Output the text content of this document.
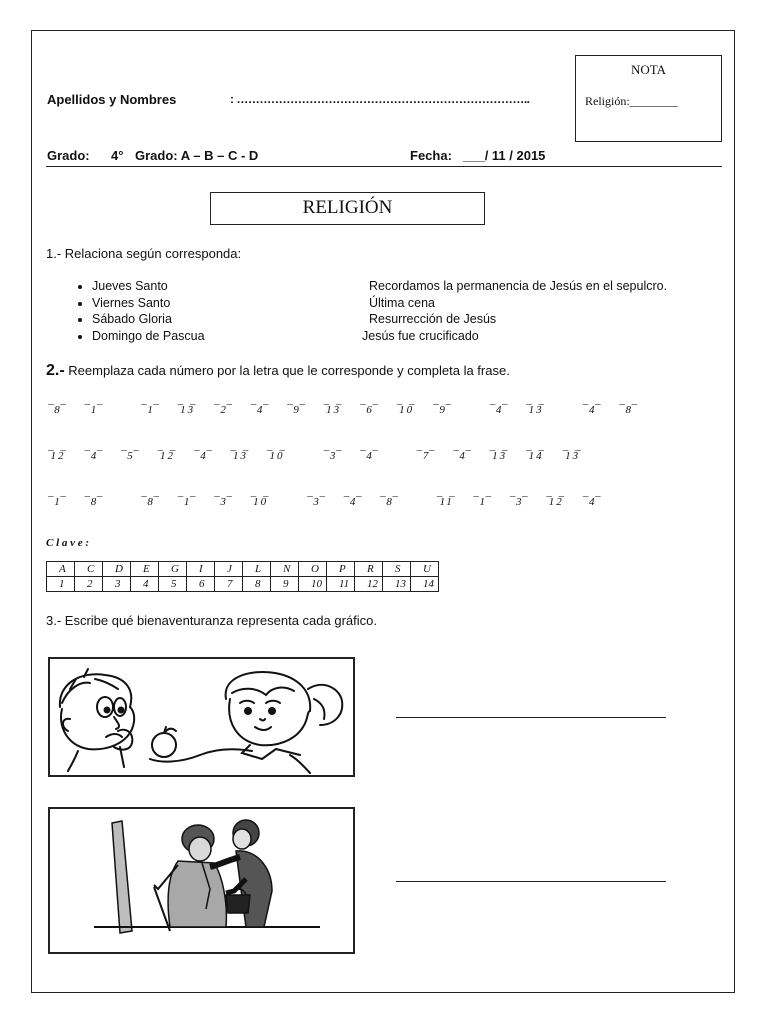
Apellidos y Nombres	: …………………………………………………………………..
NOTA
Religión:________
Grado: 4° Grado: A – B – C - D	Fecha: ___/ 11 / 2015
RELIGIÓN
1.- Relaciona según corresponda:
• Jueves Santo
• Viernes Santo
• Sábado Gloria
• Domingo de Pascua
Recordamos la permanencia de Jesús en el sepulcro.
Última cena
Resurrección de Jesús
Jesús fue crucificado
2.- Reemplaza cada número por la letra que le corresponde y completa la frase.
_ _
8
_ _
1
_ _
1
_ _
13
_ _
2
_ _
4
_ _
9
_ _
13
_ _
6
_ _
10
_ _
9
_ _
4
_ _
13
_ _
4
_ _
8
_ _
12
_ _
4
_ _
5
_ _
12
_ _
4
_ _
13
_ _
10
_ _
3
_ _
4
_ _
7
_ _
4
_ _
13
_ _
14
_ _
13
_ _
1
_ _
8
_ _
8
_ _
1
_ _
3
_ _
10
_ _
3
_ _
4
_ _
8
_ _
11
_ _
1
_ _
3
_ _
12
_ _
4
C l a v e :
A	C	D	E	G	I	J	L	N	O	P	R	S	U
1	2	3	4	5	6	7	8	9	10	11	12	13	14
3.- Escribe qué bienaventuranza representa cada gráfico.
